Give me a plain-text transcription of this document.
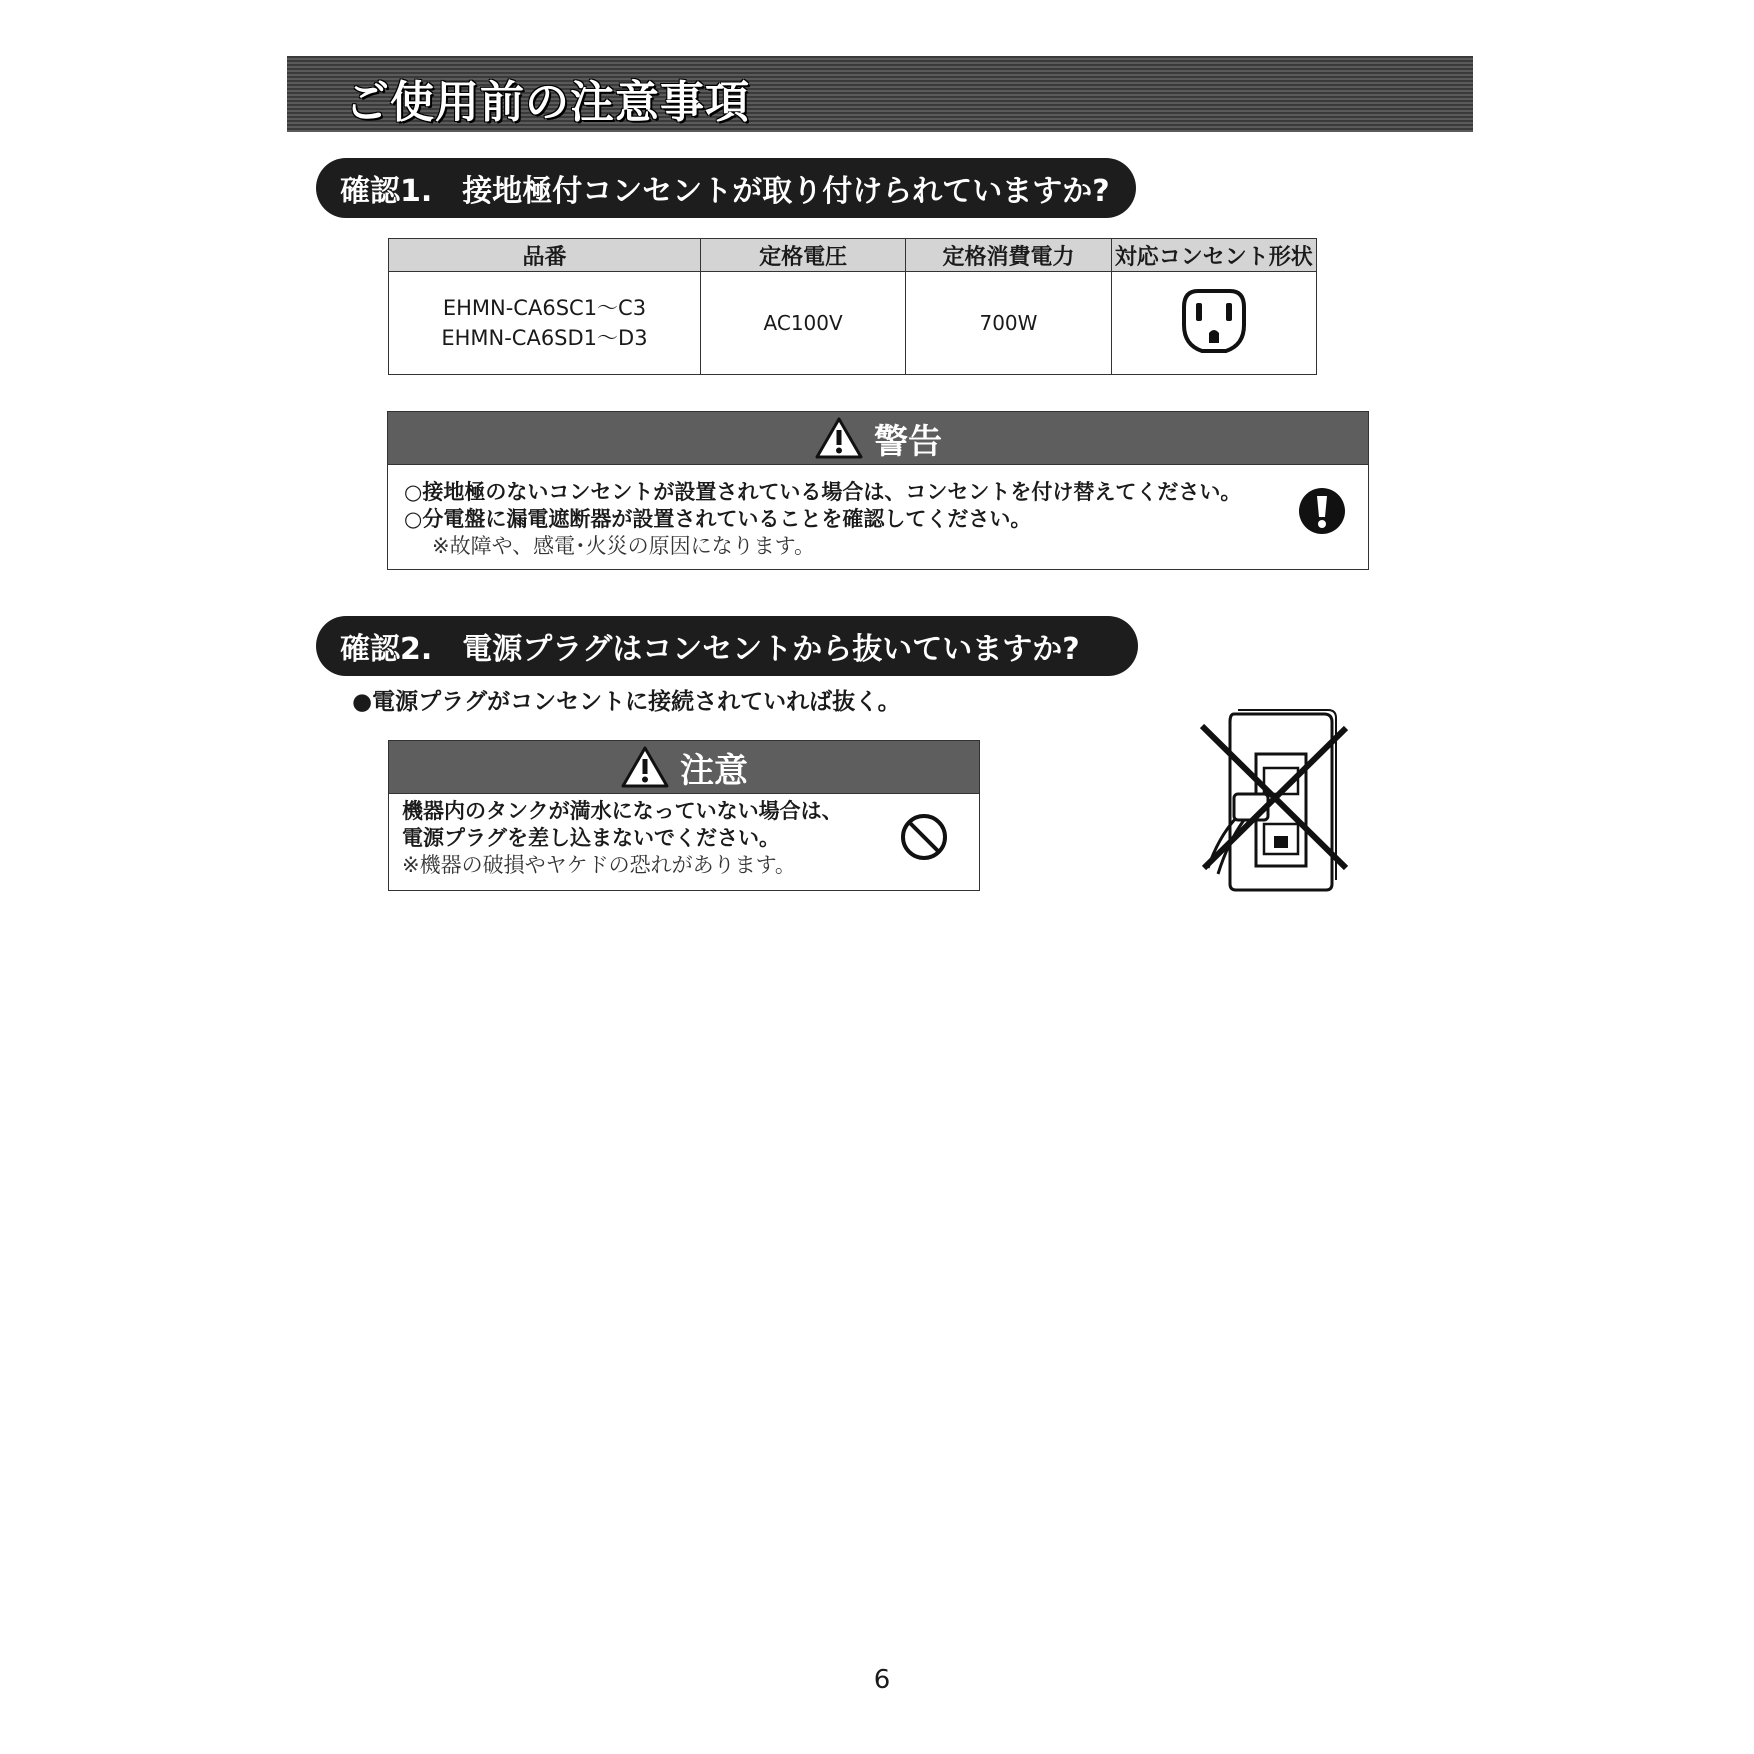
ご使用前の注意事項
確認1. 接地極付コンセントが取り付けられていますか?
品番	定格電圧	定格消費電力	対応コンセント形状

EHMN-CA6SC1～C3
EHMN-CA6SD1～D3	AC100V	700W	
警告
○接地極のないコンセントが設置されている場合は、コンセントを付け替えてください。
○分電盤に漏電遮断器が設置されていることを確認してください。
※故障や、感電･火災の原因になります。
確認2. 電源プラグはコンセントから抜いていますか?
●電源プラグがコンセントに接続されていれば抜く。
注意
機器内のタンクが満水になっていない場合は、
電源プラグを差し込まないでください。
※機器の破損やヤケドの恐れがあります。
6
